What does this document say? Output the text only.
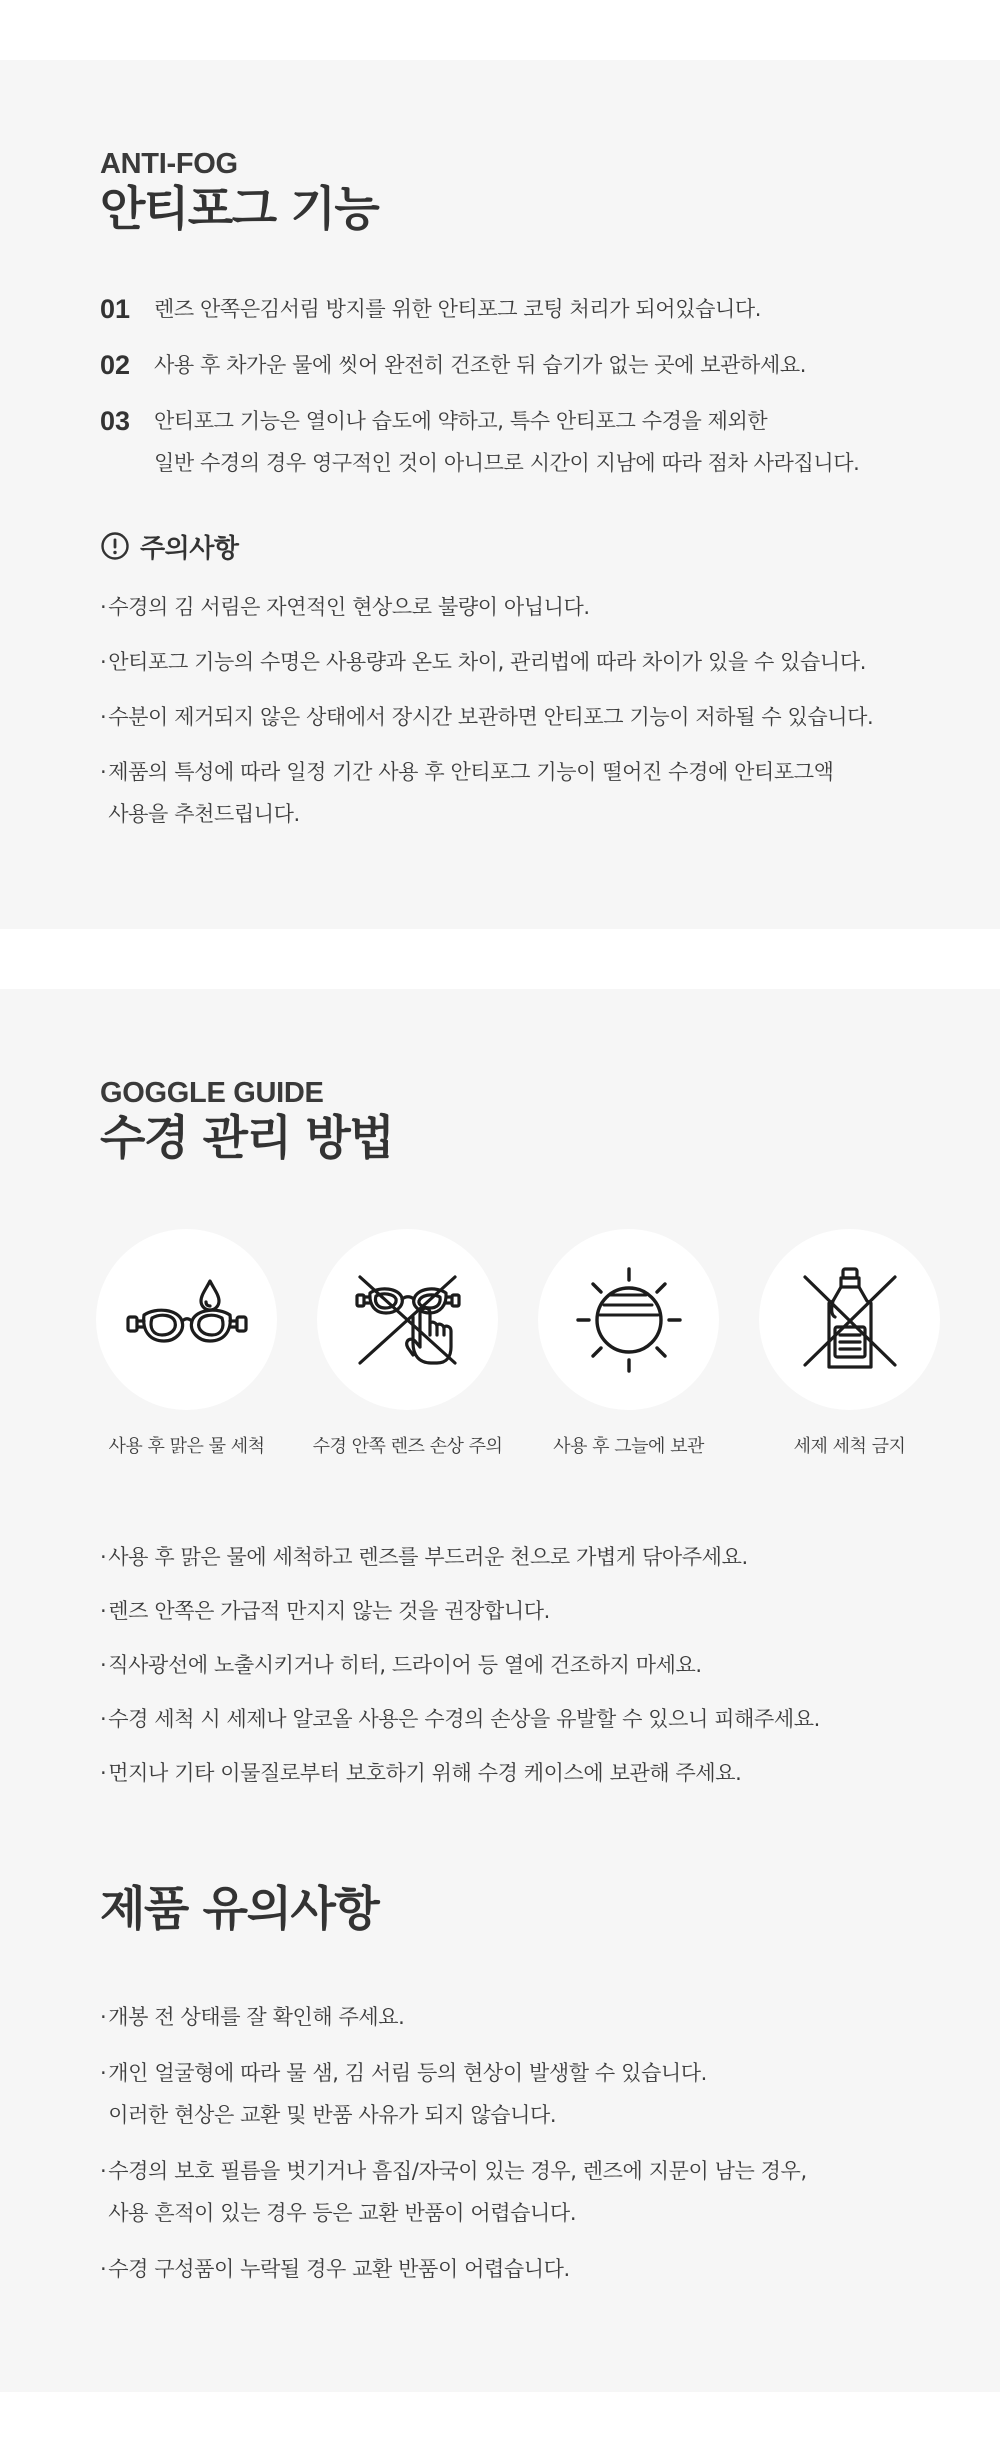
ANTI-FOG
안티포그 기능
01	렌즈 안쪽은김서림 방지를 위한 안티포그 코팅 처리가 되어있습니다.
02	사용 후 차가운 물에 씻어 완전히 건조한 뒤 습기가 없는 곳에 보관하세요.
03	안티포그 기능은 열이나 습도에 약하고, 특수 안티포그 수경을 제외한
일반 수경의 경우 영구적인 것이 아니므로 시간이 지남에 따라 점차 사라집니다.
주의사항
·수경의 김 서림은 자연적인 현상으로 불량이 아닙니다.
·안티포그 기능의 수명은 사용량과 온도 차이, 관리법에 따라 차이가 있을 수 있습니다.
·수분이 제거되지 않은 상태에서 장시간 보관하면 안티포그 기능이 저하될 수 있습니다.
· 제품의 특성에 따라 일정 기간 사용 후 안티포그 기능이 떨어진 수경에 안티포그액
사용을 추천드립니다.
GOGGLE GUIDE
수경 관리 방법
사용 후 맑은 물 세척	수경 안쪽 렌즈 손상 주의	사용 후 그늘에 보관	세제 세척 금지
·사용 후 맑은 물에 세척하고 렌즈를 부드러운 천으로 가볍게 닦아주세요.
·렌즈 안쪽은 가급적 만지지 않는 것을 권장합니다.
·직사광선에 노출시키거나 히터, 드라이어 등 열에 건조하지 마세요.
·수경 세척 시 세제나 알코올 사용은 수경의 손상을 유발할 수 있으니 피해주세요.
·먼지나 기타 이물질로부터 보호하기 위해 수경 케이스에 보관해 주세요.
제품 유의사항
·개봉 전 상태를 잘 확인해 주세요.
· 개인 얼굴형에 따라 물 샘, 김 서림 등의 현상이 발생할 수 있습니다.
이러한 현상은 교환 및 반품 사유가 되지 않습니다.
· 수경의 보호 필름을 벗기거나 흠집/자국이 있는 경우, 렌즈에 지문이 남는 경우,
사용 흔적이 있는 경우 등은 교환 반품이 어렵습니다.
·수경 구성품이 누락될 경우 교환 반품이 어렵습니다.
